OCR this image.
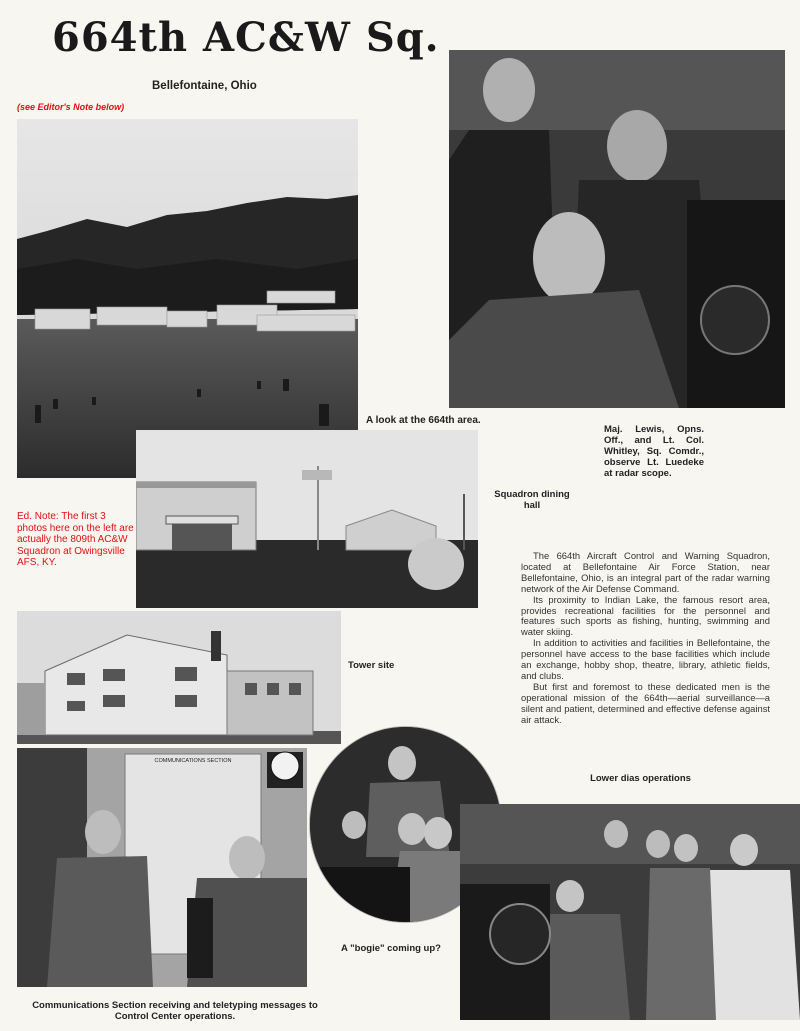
664th AC&W Sq.
Bellefontaine, Ohio
(see Editor's Note below)
A look at the 664th area.
Maj. Lewis, Opns. Off., and Lt. Col. Whitley, Sq. Comdr., observe Lt. Luedeke at radar scope.
Squadron dining hall
Ed. Note: The first 3 photos here on the left are actually the 809th AC&W Squadron at Owingsville AFS, KY.

The 664th Aircraft Control and Warning Squadron, located at Bellefontaine Air Force Station, near Bellefontaine, Ohio, is an integral part of the radar warning network of the Air Defense Command.

Its proximity to Indian Lake, the famous resort area, provides recreational facilities for the personnel and features such sports as fishing, hunting, swimming and water skiing.

In addition to activities and facilities in Bellefontaine, the personnel have access to the base facilities which include an exchange, hobby shop, theatre, library, athletic fields, and clubs.

But first and foremost to these dedicated men is the operational mission of the 664th—aerial surveillance—a silent and patient, determined and effective defense against air attack.

Tower site
COMMUNICATIONS SECTION
Communications Section receiving and teletyping messages to Control Center operations.
A "bogie" coming up?
Lower dias operations
